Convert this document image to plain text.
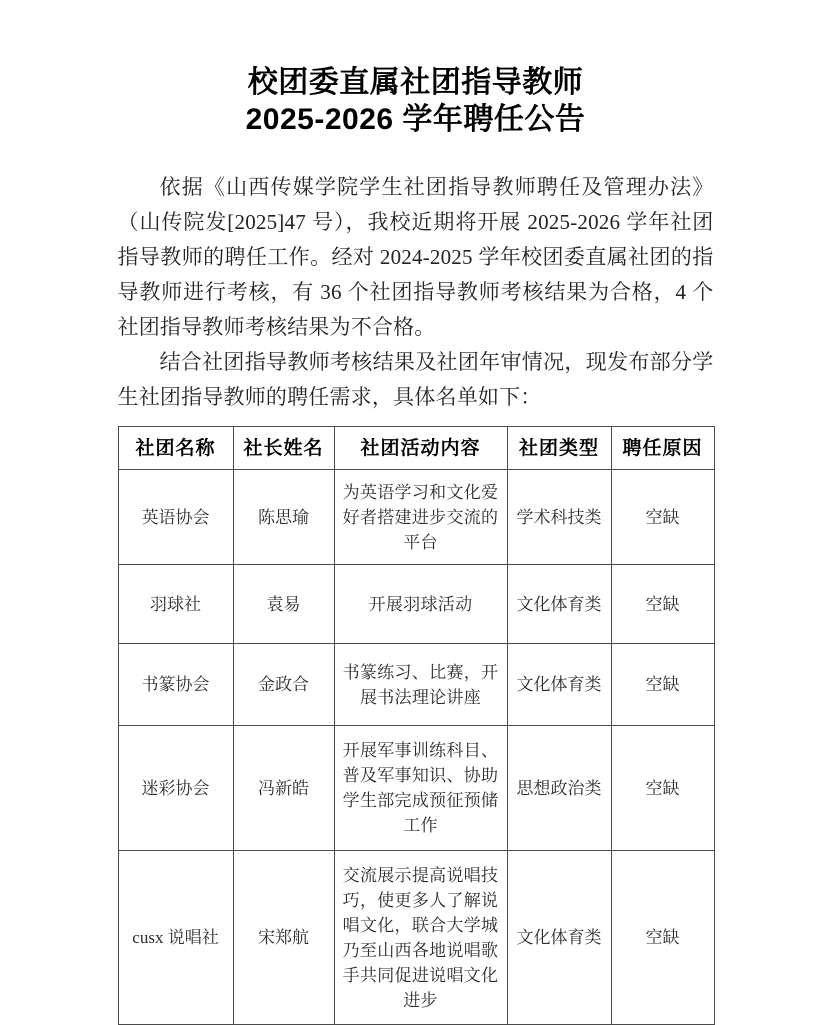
校团委直属社团指导教师
2025-2026 学年聘任公告

依据《山西传媒学院学生社团指导教师聘任及管理办法》（山传院发[2025]47 号），我校近期将开展 2025-2026 学年社团指导教师的聘任工作。经对 2024-2025 学年校团委直属社团的指导教师进行考核，有 36 个社团指导教师考核结果为合格，4 个社团指导教师考核结果为不合格。

结合社团指导教师考核结果及社团年审情况，现发布部分学生社团指导教师的聘任需求，具体名单如下：

社团名称	社长姓名	社团活动内容	社团类型	聘任原因
英语协会	陈思瑜	为英语学习和文化爱好者搭建进步交流的平台	学术科技类	空缺
羽球社	袁易	开展羽球活动	文化体育类	空缺
书篆协会	金政合	书篆练习、比赛，开展书法理论讲座	文化体育类	空缺
迷彩协会	冯新皓	开展军事训练科目、普及军事知识、协助学生部完成预征预储工作	思想政治类	空缺
cusx 说唱社	宋郑航	交流展示提高说唱技巧，使更多人了解说唱文化，联合大学城乃至山西各地说唱歌手共同促进说唱文化进步	文化体育类	空缺
